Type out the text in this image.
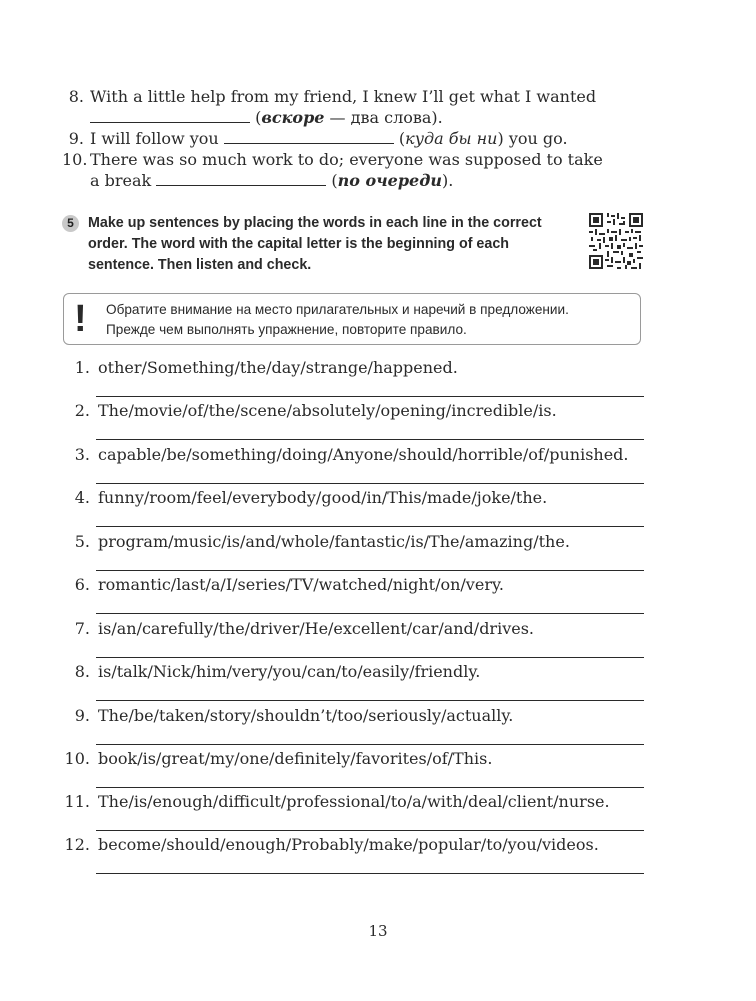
8. With a little help from my friend, I knew I’ll get what I wanted
(вскоре — два слова).
9. I will follow you	(куда бы ни) you go.
10. There was so much work to do; everyone was supposed to take
a break	(по очереди).
5 Make up sentences by placing the words in each line in the correct order. The word with the capital letter is the beginning of each sentence. Then listen and check.
! Обратите внимание на место прилагательных и наречий в предложении.
Прежде чем выполнять упражнение, повторите правило.
1. other/Something/the/day/strange/happened.
2. The/movie/of/the/scene/absolutely/opening/incredible/is.
3. capable/be/something/doing/Anyone/should/horrible/of/punished.
4. funny/room/feel/everybody/good/in/This/made/joke/the.
5. program/music/is/and/whole/fantastic/is/The/amazing/the.
6. romantic/last/a/I/series/TV/watched/night/on/very.
7. is/an/carefully/the/driver/He/excellent/car/and/drives.
8. is/talk/Nick/him/very/you/can/to/easily/friendly.
9. The/be/taken/story/shouldn’t/too/seriously/actually.
10. book/is/great/my/one/definitely/favorites/of/This.
11. The/is/enough/difficult/professional/to/a/with/deal/client/nurse.
12. become/should/enough/Probably/make/popular/to/you/videos.
13
